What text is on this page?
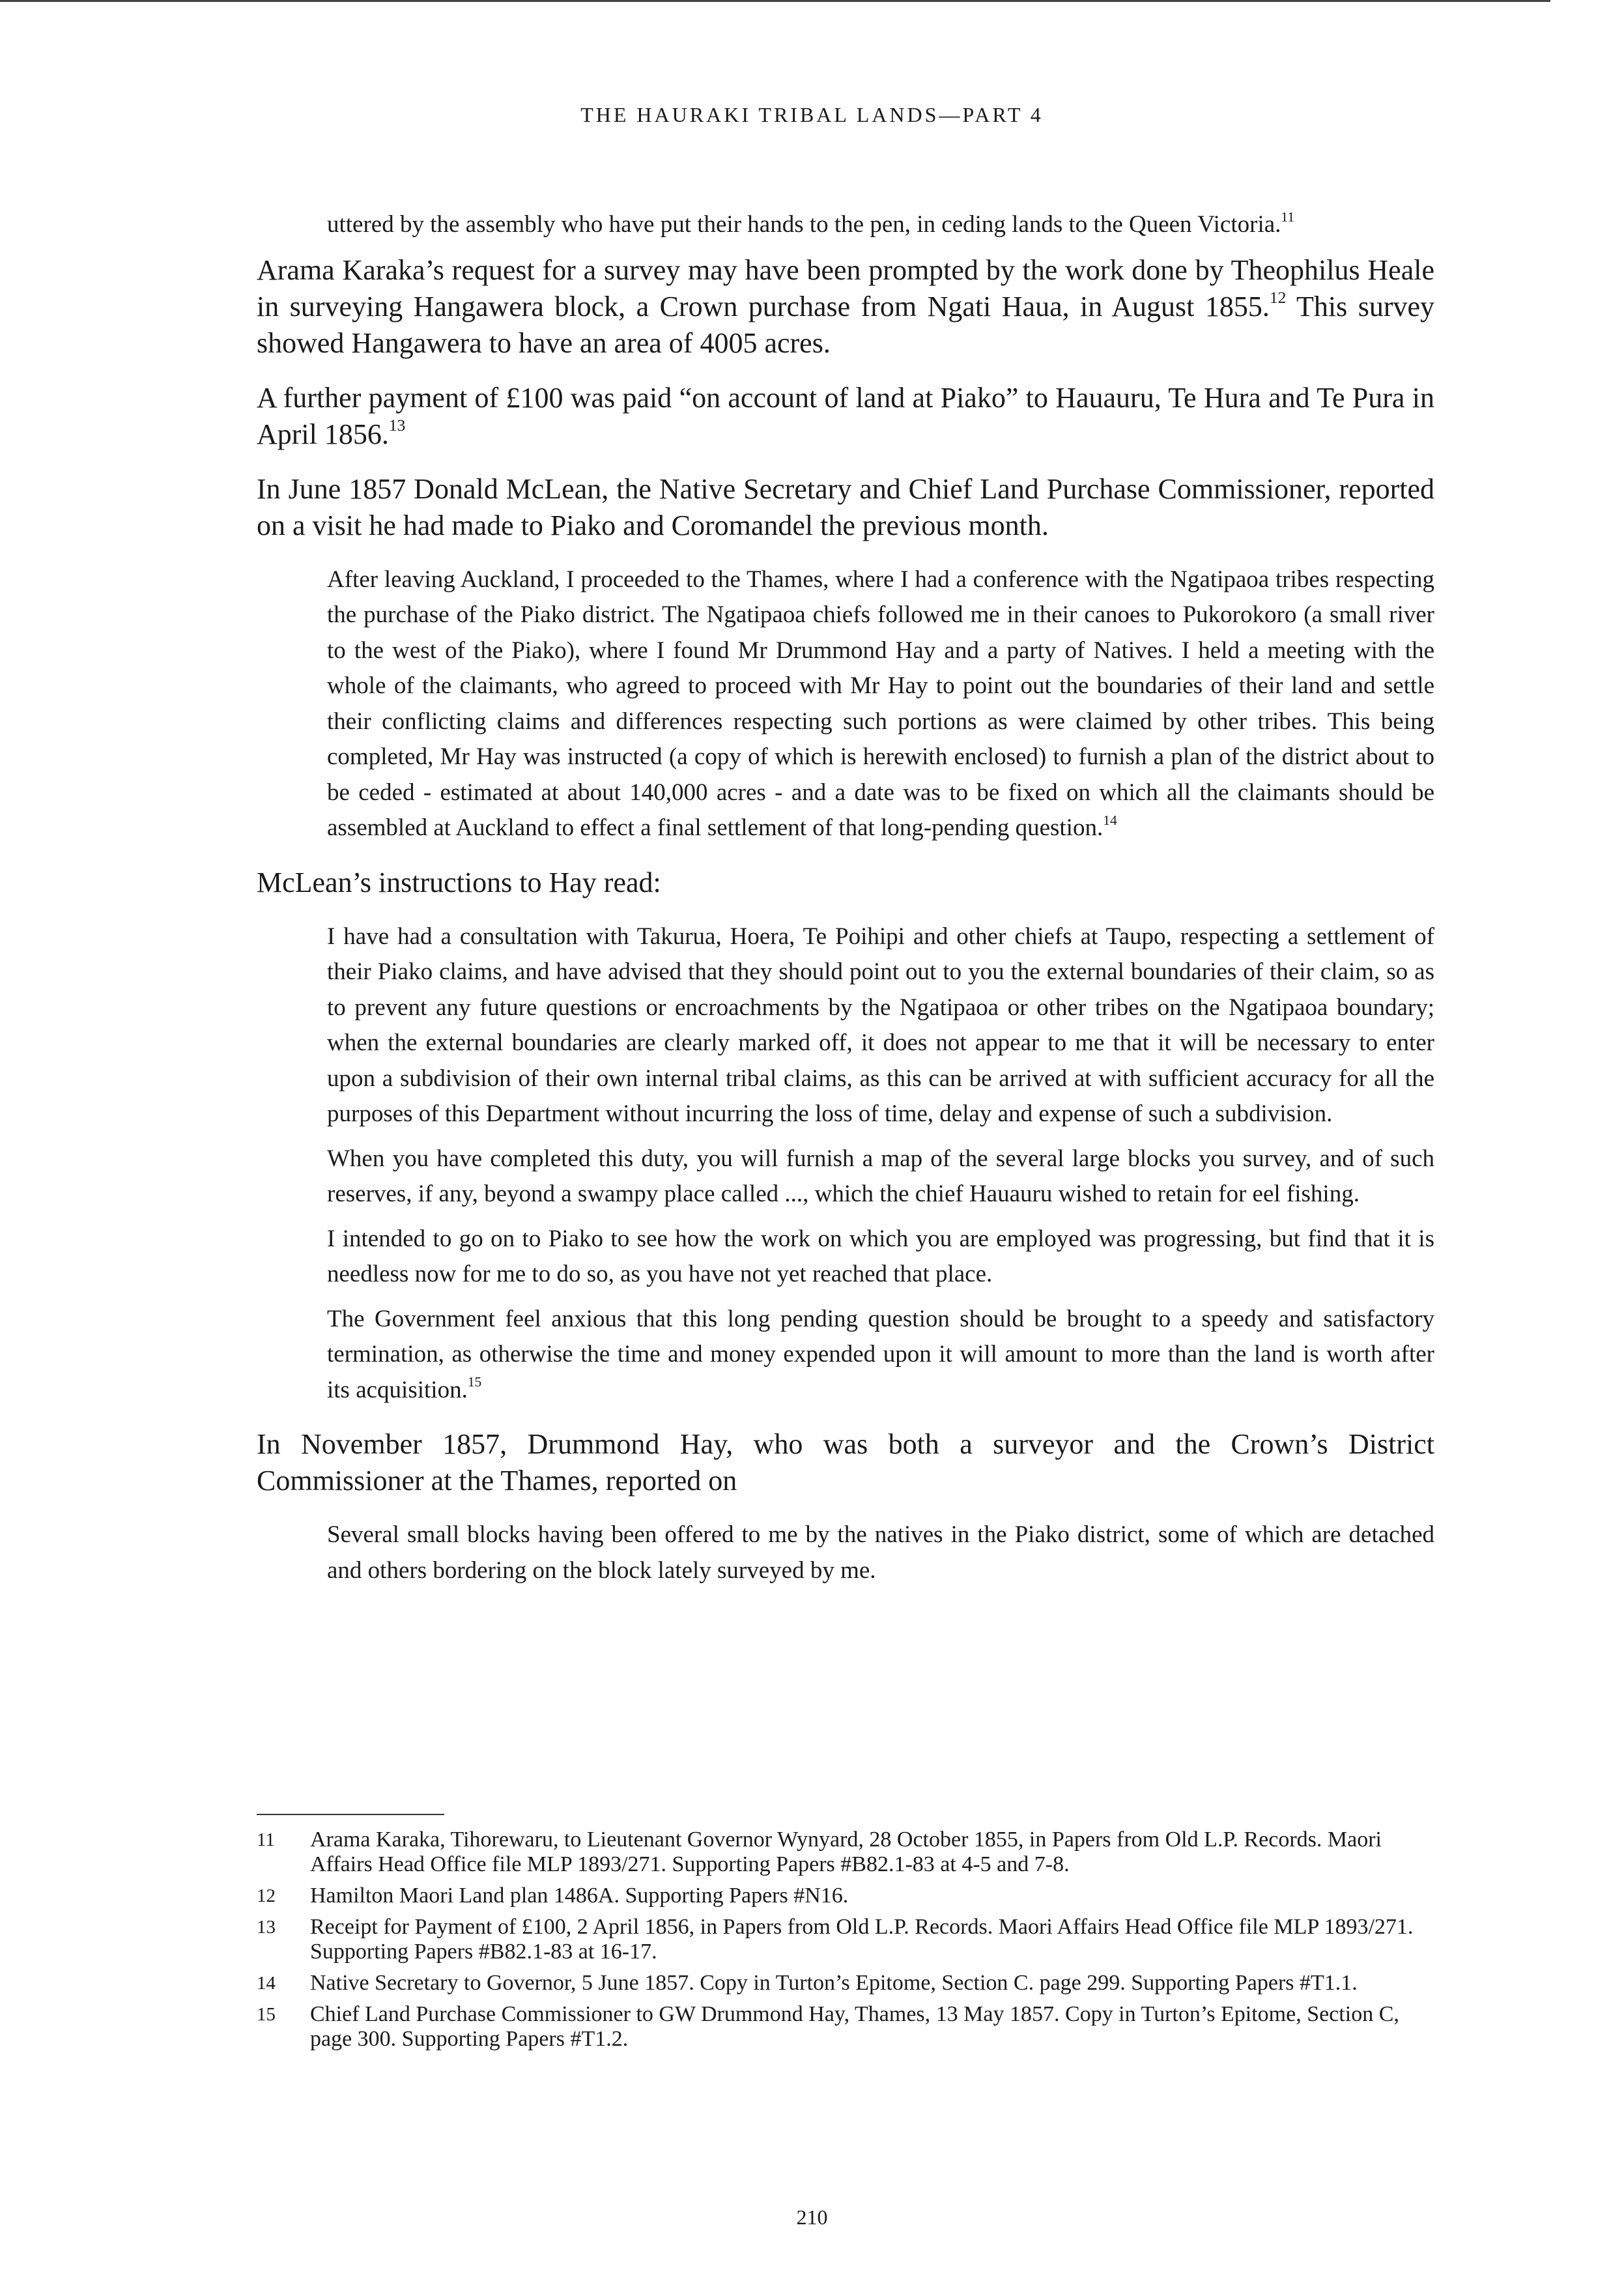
THE HAURAKI TRIBAL LANDS—PART 4

uttered by the assembly who have put their hands to the pen, in ceding lands to the Queen Victoria.$^{11}$

Arama Karaka’s request for a survey may have been prompted by the work done by Theophilus Heale in surveying Hangawera block, a Crown purchase from Ngati Haua, in August 1855.12 This survey showed Hangawera to have an area of 4005 acres.

A further payment of £100 was paid “on account of land at Piako” to Hauauru, Te Hura and Te Pura in April 1856.13

In June 1857 Donald McLean, the Native Secretary and Chief Land Purchase Commissioner, reported on a visit he had made to Piako and Coromandel the previous month.

After leaving Auckland, I proceeded to the Thames, where I had a conference with the Ngatipaoa tribes respecting the purchase of the Piako district. The Ngatipaoa chiefs followed me in their canoes to Pukorokoro (a small river to the west of the Piako), where I found Mr Drummond Hay and a party of Natives. I held a meeting with the whole of the claimants, who agreed to proceed with Mr Hay to point out the boundaries of their land and settle their conflicting claims and differences respecting such portions as were claimed by other tribes. This being completed, Mr Hay was instructed (a copy of which is herewith enclosed) to furnish a plan of the district about to be ceded - estimated at about 140,000 acres - and a date was to be fixed on which all the claimants should be assembled at Auckland to effect a final settlement of that long-pending question.$^{14}$

McLean’s instructions to Hay read:

I have had a consultation with Takurua, Hoera, Te Poihipi and other chiefs at Taupo, respecting a settlement of their Piako claims, and have advised that they should point out to you the external boundaries of their claim, so as to prevent any future questions or encroachments by the Ngatipaoa or other tribes on the Ngatipaoa boundary; when the external boundaries are clearly marked off, it does not appear to me that it will be necessary to enter upon a subdivision of their own internal tribal claims, as this can be arrived at with sufficient accuracy for all the purposes of this Department without incurring the loss of time, delay and expense of such a subdivision.

When you have completed this duty, you will furnish a map of the several large blocks you survey, and of such reserves, if any, beyond a swampy place called ..., which the chief Hauauru wished to retain for eel fishing.

I intended to go on to Piako to see how the work on which you are employed was progressing, but find that it is needless now for me to do so, as you have not yet reached that place.

The Government feel anxious that this long pending question should be brought to a speedy and satisfactory termination, as otherwise the time and money expended upon it will amount to more than the land is worth after its acquisition.$^{15}$

In November 1857, Drummond Hay, who was both a surveyor and the Crown’s District Commissioner at the Thames, reported on

Several small blocks having been offered to me by the natives in the Piako district, some of which are detached and others bordering on the block lately surveyed by me.

11	Arama Karaka, Tihorewaru, to Lieutenant Governor Wynyard, 28 October 1855, in Papers from Old L.P. Records. Maori Affairs Head Office file MLP 1893/271. Supporting Papers #B82.1-83 at 4-5 and 7-8.
12	Hamilton Maori Land plan 1486A. Supporting Papers #N16.
13	Receipt for Payment of £100, 2 April 1856, in Papers from Old L.P. Records. Maori Affairs Head Office file MLP 1893/271. Supporting Papers #B82.1-83 at 16-17.
14	Native Secretary to Governor, 5 June 1857. Copy in Turton’s Epitome, Section C. page 299. Supporting Papers #T1.1.
15	Chief Land Purchase Commissioner to GW Drummond Hay, Thames, 13 May 1857. Copy in Turton’s Epitome, Section C, page 300. Supporting Papers #T1.2.
210
